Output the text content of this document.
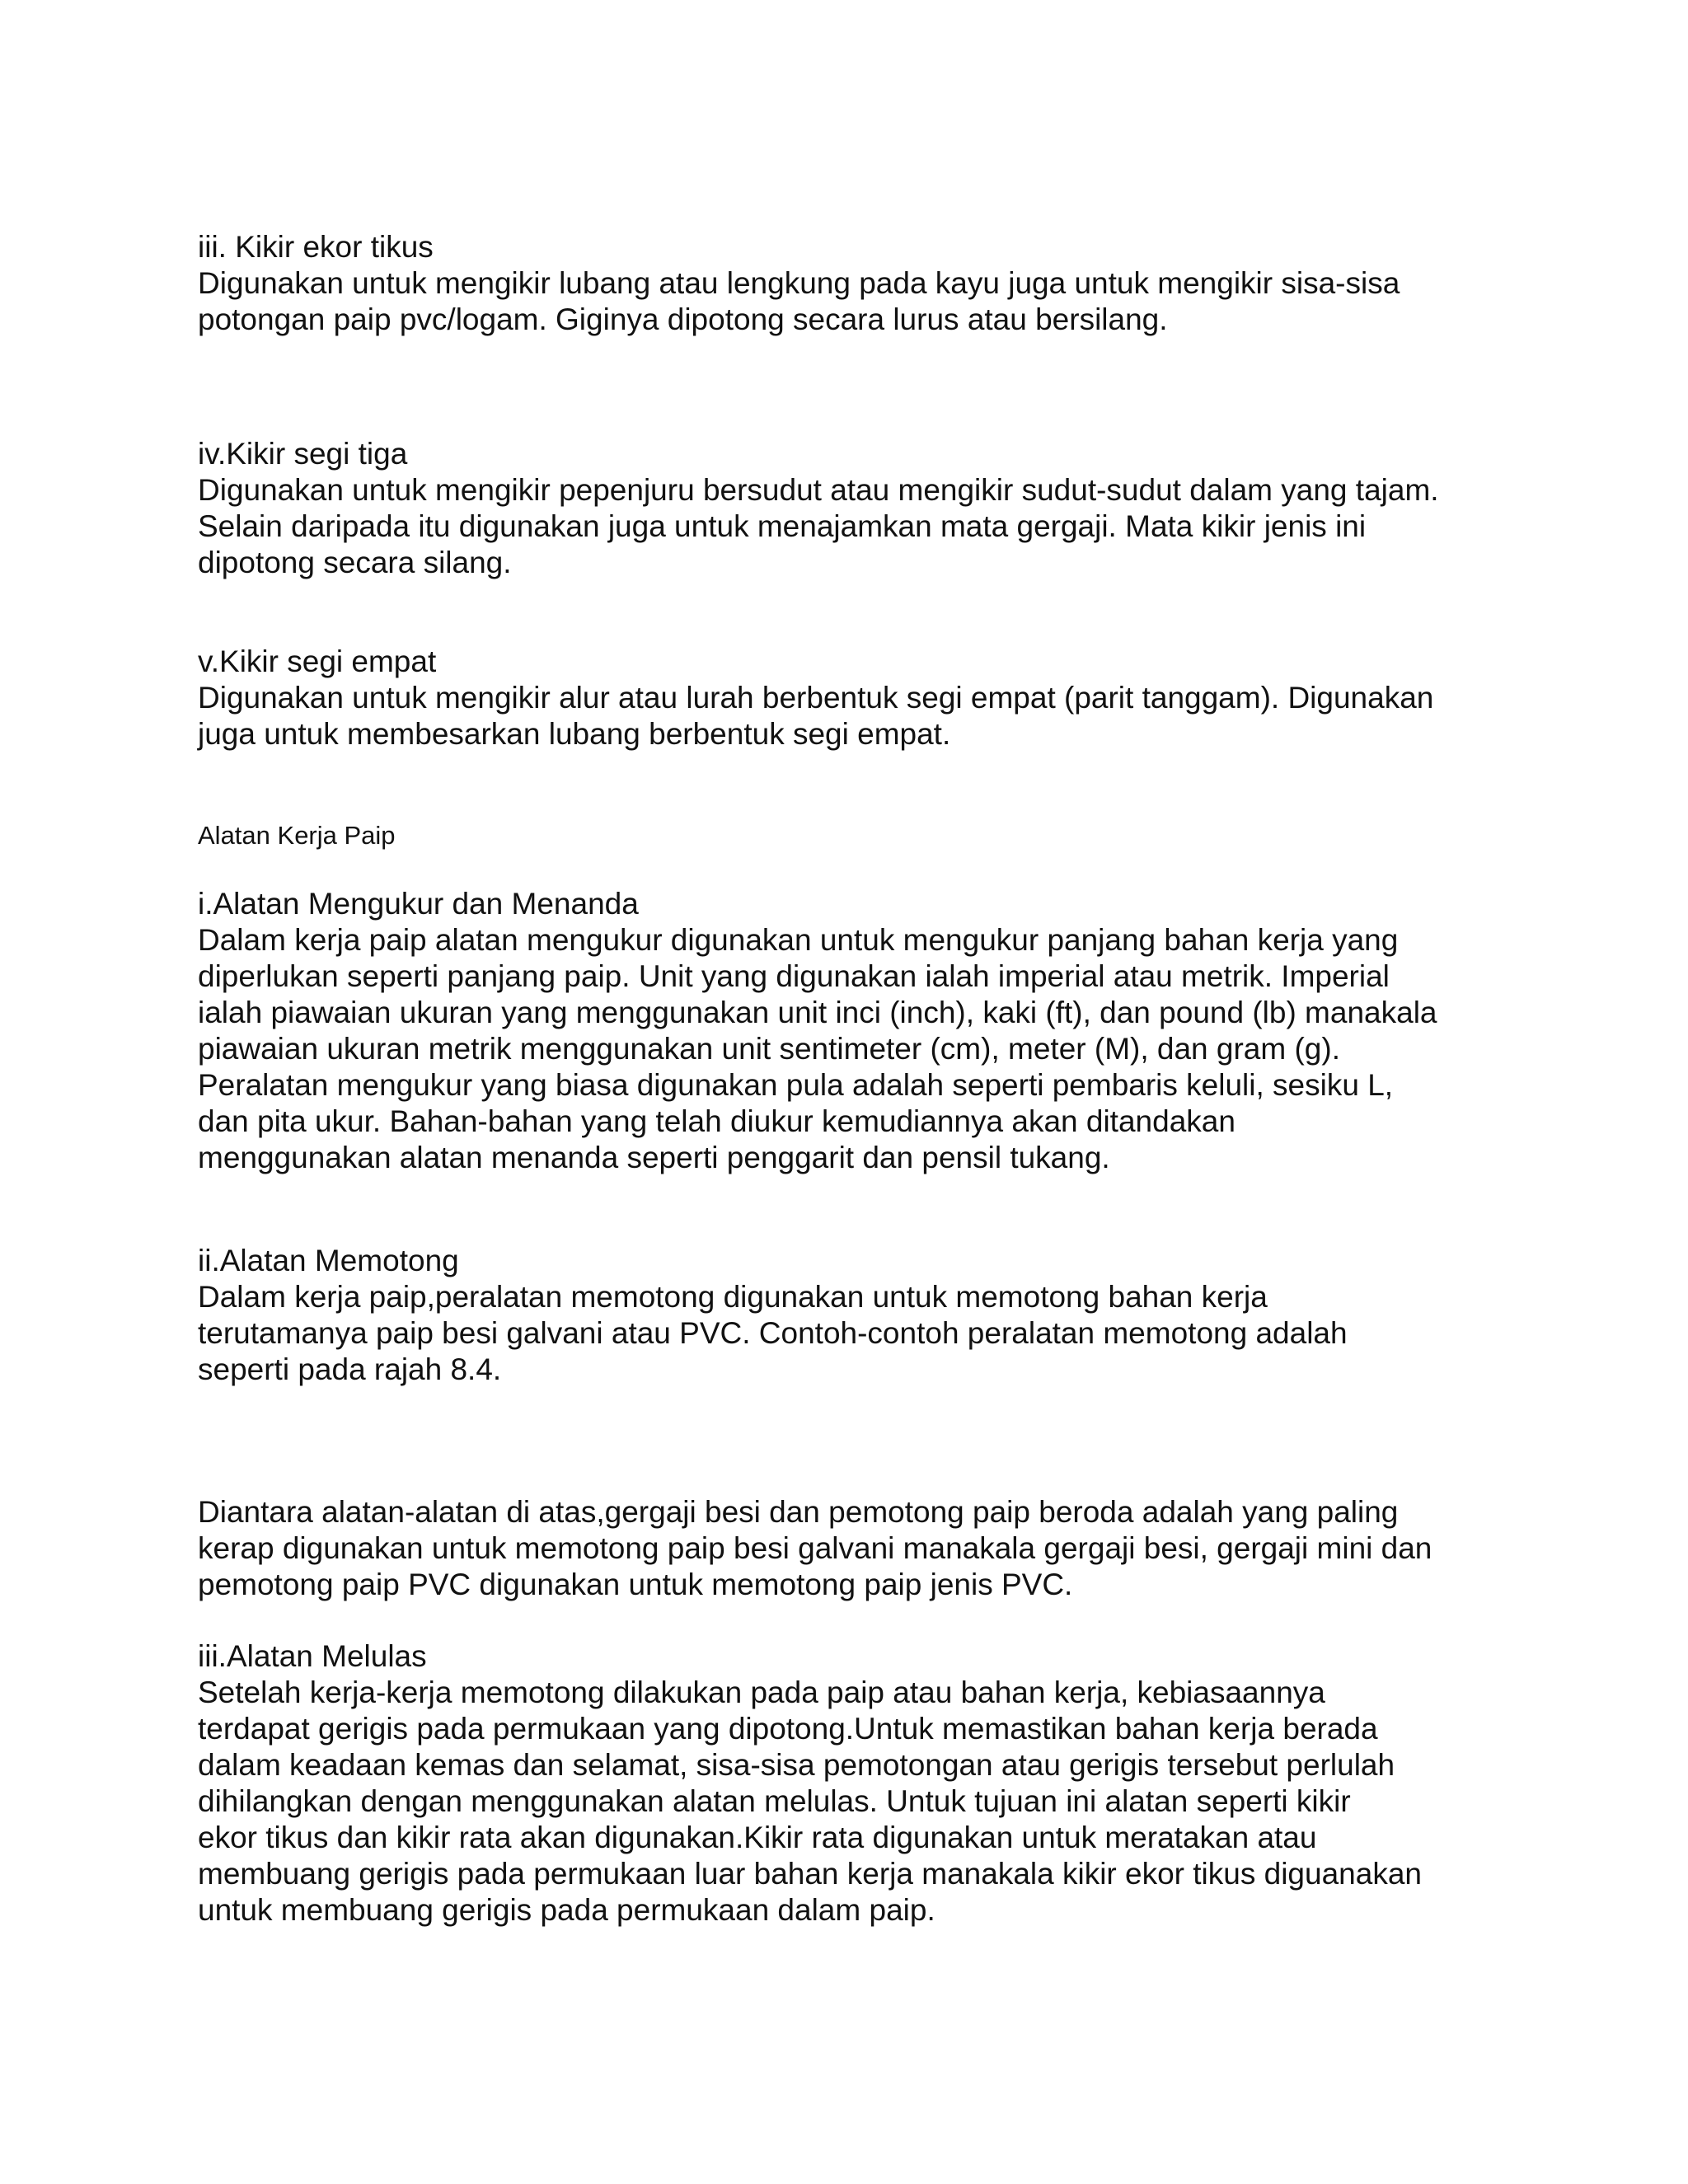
iii. Kikir ekor tikus
Digunakan untuk mengikir lubang atau lengkung pada kayu juga untuk mengikir sisa-sisa
potongan paip pvc/logam. Giginya dipotong secara lurus atau bersilang.
iv.Kikir segi tiga
Digunakan untuk mengikir pepenjuru bersudut atau mengikir sudut-sudut dalam yang tajam.
Selain daripada itu digunakan juga untuk menajamkan mata gergaji. Mata kikir jenis ini
dipotong secara silang.
v.Kikir segi empat
Digunakan untuk mengikir alur atau lurah berbentuk segi empat (parit tanggam). Digunakan
juga untuk membesarkan lubang berbentuk segi empat.
Alatan Kerja Paip
i.Alatan Mengukur dan Menanda
Dalam kerja paip alatan mengukur digunakan untuk mengukur panjang bahan kerja yang
diperlukan seperti panjang paip. Unit yang digunakan ialah imperial atau metrik. Imperial
ialah piawaian ukuran yang menggunakan unit inci (inch), kaki (ft), dan pound (lb) manakala
piawaian ukuran metrik menggunakan unit sentimeter (cm), meter (M), dan gram (g).
Peralatan mengukur yang biasa digunakan pula adalah seperti pembaris keluli, sesiku L,
dan pita ukur. Bahan-bahan yang telah diukur kemudiannya akan ditandakan
menggunakan alatan menanda seperti penggarit dan pensil tukang.
ii.Alatan Memotong
Dalam kerja paip,peralatan memotong digunakan untuk memotong bahan kerja
terutamanya paip besi galvani atau PVC. Contoh-contoh peralatan memotong adalah
seperti pada rajah 8.4.
Diantara alatan-alatan di atas,gergaji besi dan pemotong paip beroda adalah yang paling
kerap digunakan untuk memotong paip besi galvani manakala gergaji besi, gergaji mini dan
pemotong paip PVC digunakan untuk memotong paip jenis PVC.
iii.Alatan Melulas
Setelah kerja-kerja memotong dilakukan pada paip atau bahan kerja, kebiasaannya
terdapat gerigis pada permukaan yang dipotong.Untuk memastikan bahan kerja berada
dalam keadaan kemas dan selamat, sisa-sisa pemotongan atau gerigis tersebut perlulah
dihilangkan dengan menggunakan alatan melulas. Untuk tujuan ini alatan seperti kikir
ekor tikus dan kikir rata akan digunakan.Kikir rata digunakan untuk meratakan atau
membuang gerigis pada permukaan luar bahan kerja manakala kikir ekor tikus diguanakan
untuk membuang gerigis pada permukaan dalam paip.
